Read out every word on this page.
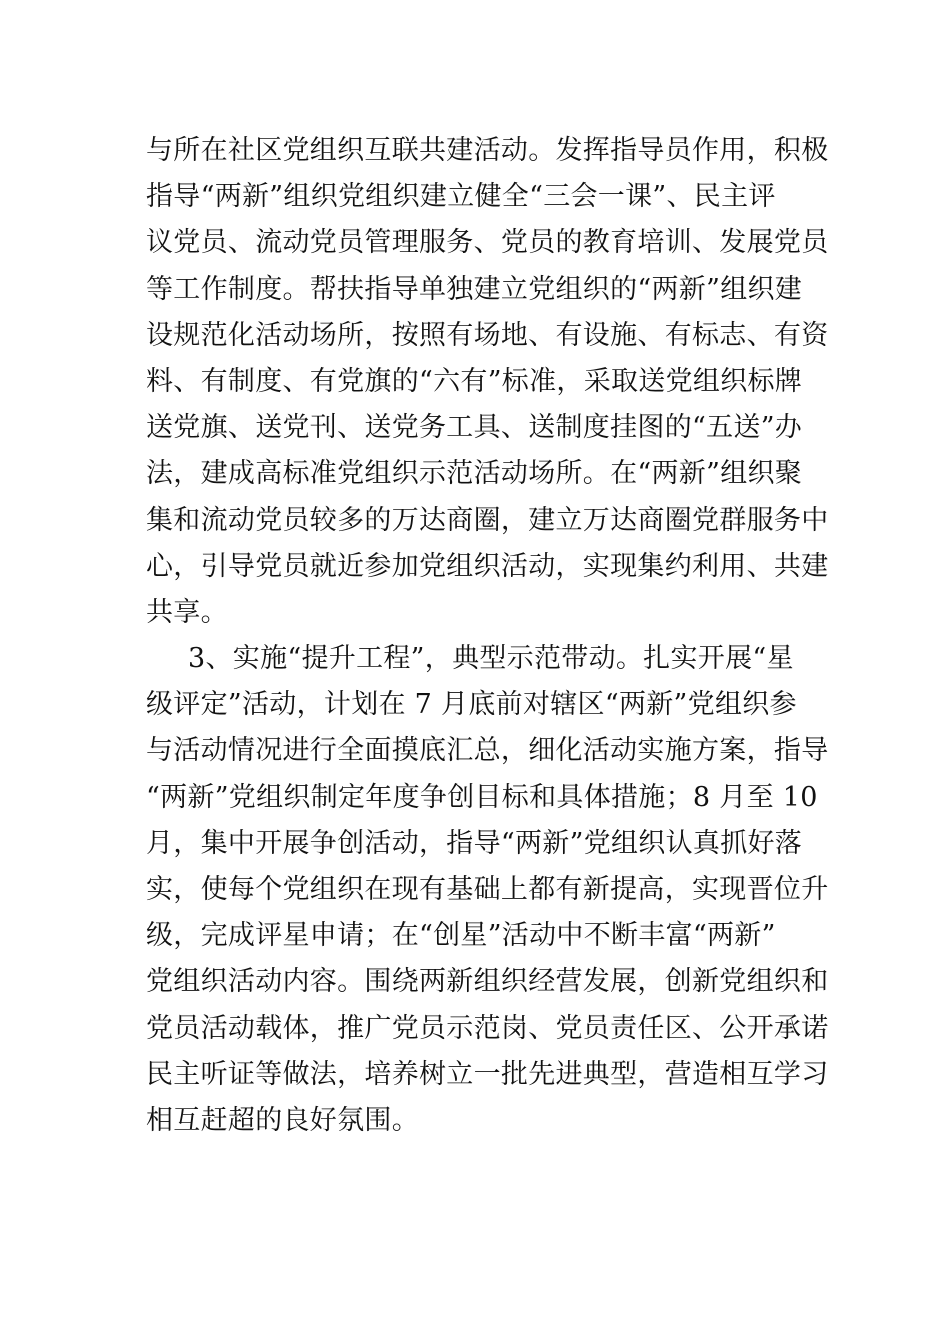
与所在社区党组织互联共建活动。发挥指导员作用，积极
指导“两新”组织党组织建立健全“三会一课”、民主评
议党员、流动党员管理服务、党员的教育培训、发展党员
等工作制度。帮扶指导单独建立党组织的“两新”组织建
设规范化活动场所，按照有场地、有设施、有标志、有资
料、有制度、有党旗的“六有”标准，采取送党组织标牌
送党旗、送党刊、送党务工具、送制度挂图的“五送”办
法，建成高标准党组织示范活动场所。在“两新”组织聚
集和流动党员较多的万达商圈，建立万达商圈党群服务中
心，引导党员就近参加党组织活动，实现集约利用、共建
共享。
3、实施“提升工程”，典型示范带动。扎实开展“星
级评定”活动，计划在 7 月底前对辖区“两新”党组织参
与活动情况进行全面摸底汇总，细化活动实施方案，指导
“两新”党组织制定年度争创目标和具体措施；8 月至 10
月，集中开展争创活动，指导“两新”党组织认真抓好落
实，使每个党组织在现有基础上都有新提高，实现晋位升
级，完成评星申请；在“创星”活动中不断丰富“两新”
党组织活动内容。围绕两新组织经营发展，创新党组织和
党员活动载体，推广党员示范岗、党员责任区、公开承诺
民主听证等做法，培养树立一批先进典型，营造相互学习
相互赶超的良好氛围。
